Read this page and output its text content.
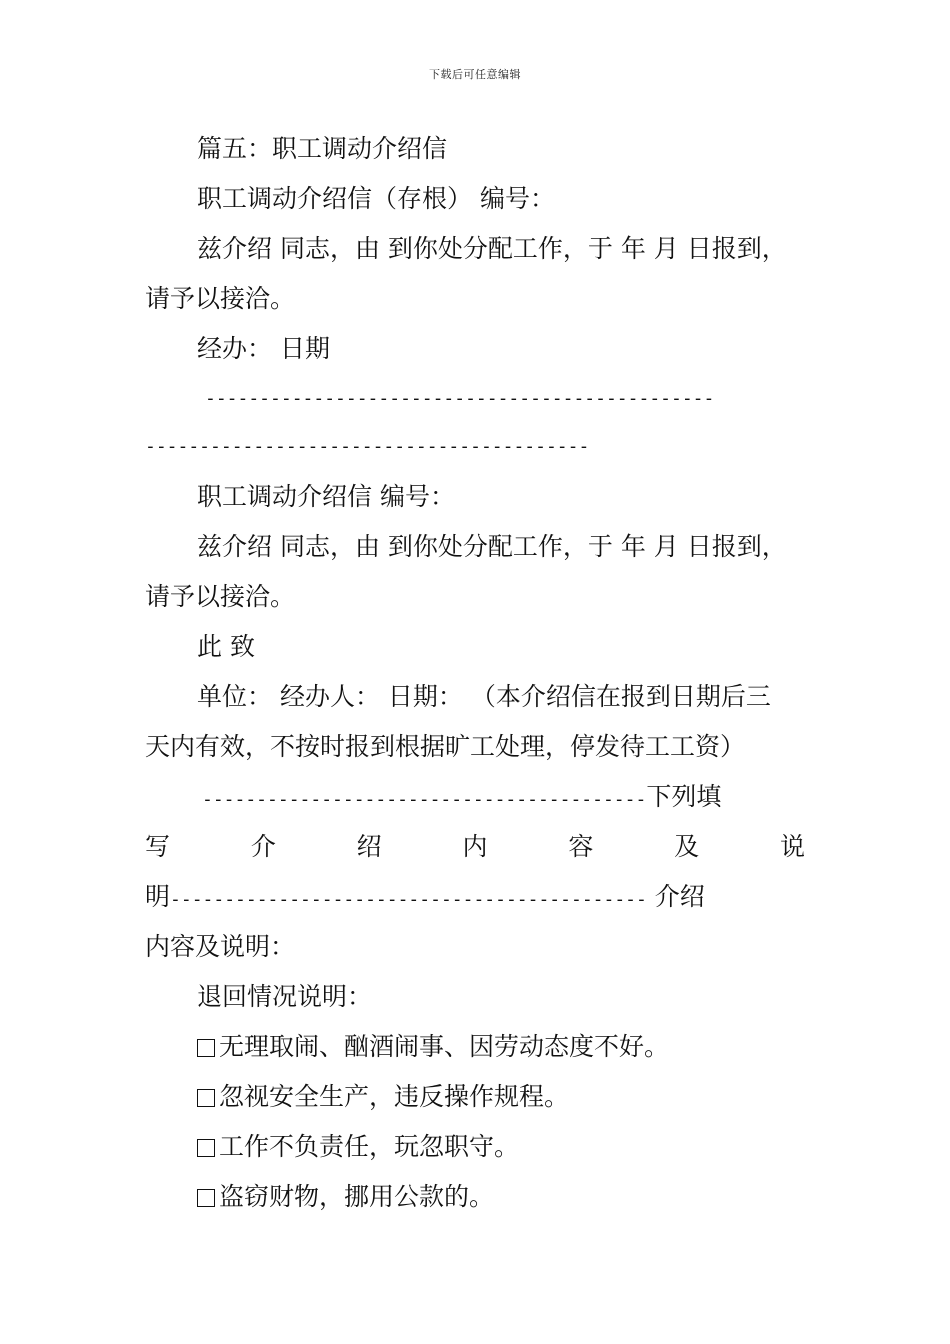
下载后可任意编辑
篇五：职工调动介绍信
职工调动介绍信（存根） 编号：
兹介绍 同志，由 到你处分配工作，于 年 月 日报到，
请予以接洽。
经办： 日期
-----------------------------------------------
-----------------------------------------
职工调动介绍信 编号：
兹介绍 同志，由 到你处分配工作，于 年 月 日报到，
请予以接洽。
此 致
单位： 经办人： 日期： （本介绍信在报到日期后三
天内有效，不按时报到根据旷工处理，停发待工工资）
-----------------------------------------下列填
写	介	绍	内	容	及	说
明-------------------------------------------- 介绍
内容及说明：
退回情况说明：
无理取闹、酗酒闹事、因劳动态度不好。
忽视安全生产，违反操作规程。
工作不负责任，玩忽职守。
盗窃财物，挪用公款的。
